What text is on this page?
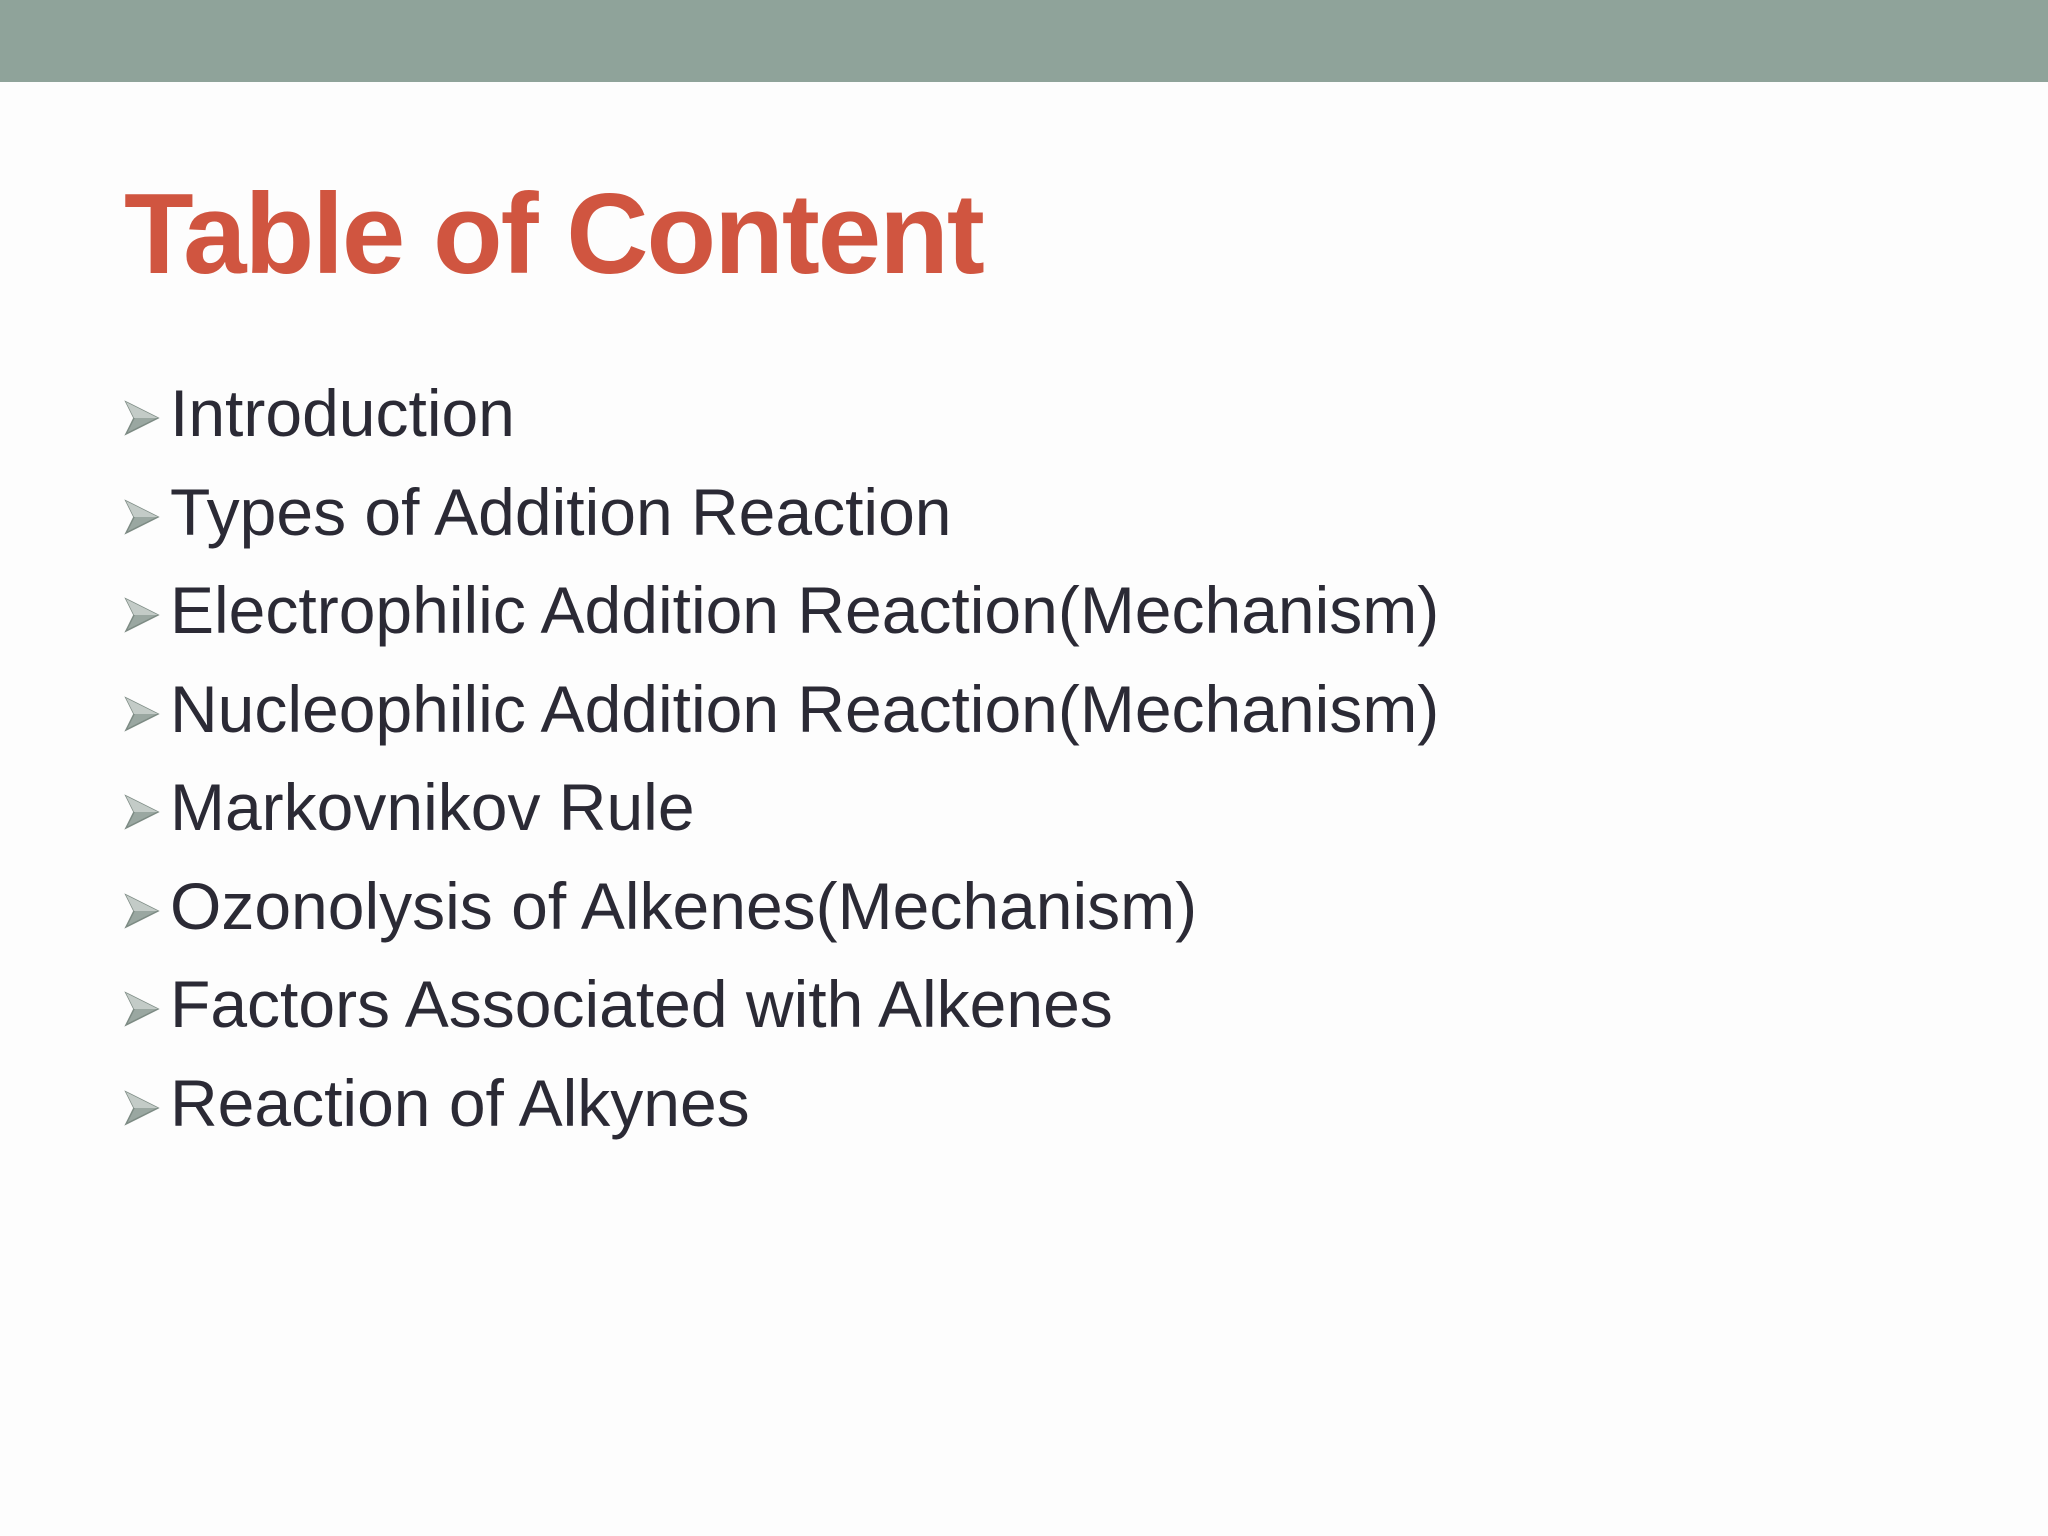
Table of Content
Introduction
Types of Addition Reaction
Electrophilic Addition Reaction(Mechanism)
Nucleophilic Addition Reaction(Mechanism)
Markovnikov Rule
Ozonolysis of Alkenes(Mechanism)
Factors Associated with Alkenes
Reaction of Alkynes
